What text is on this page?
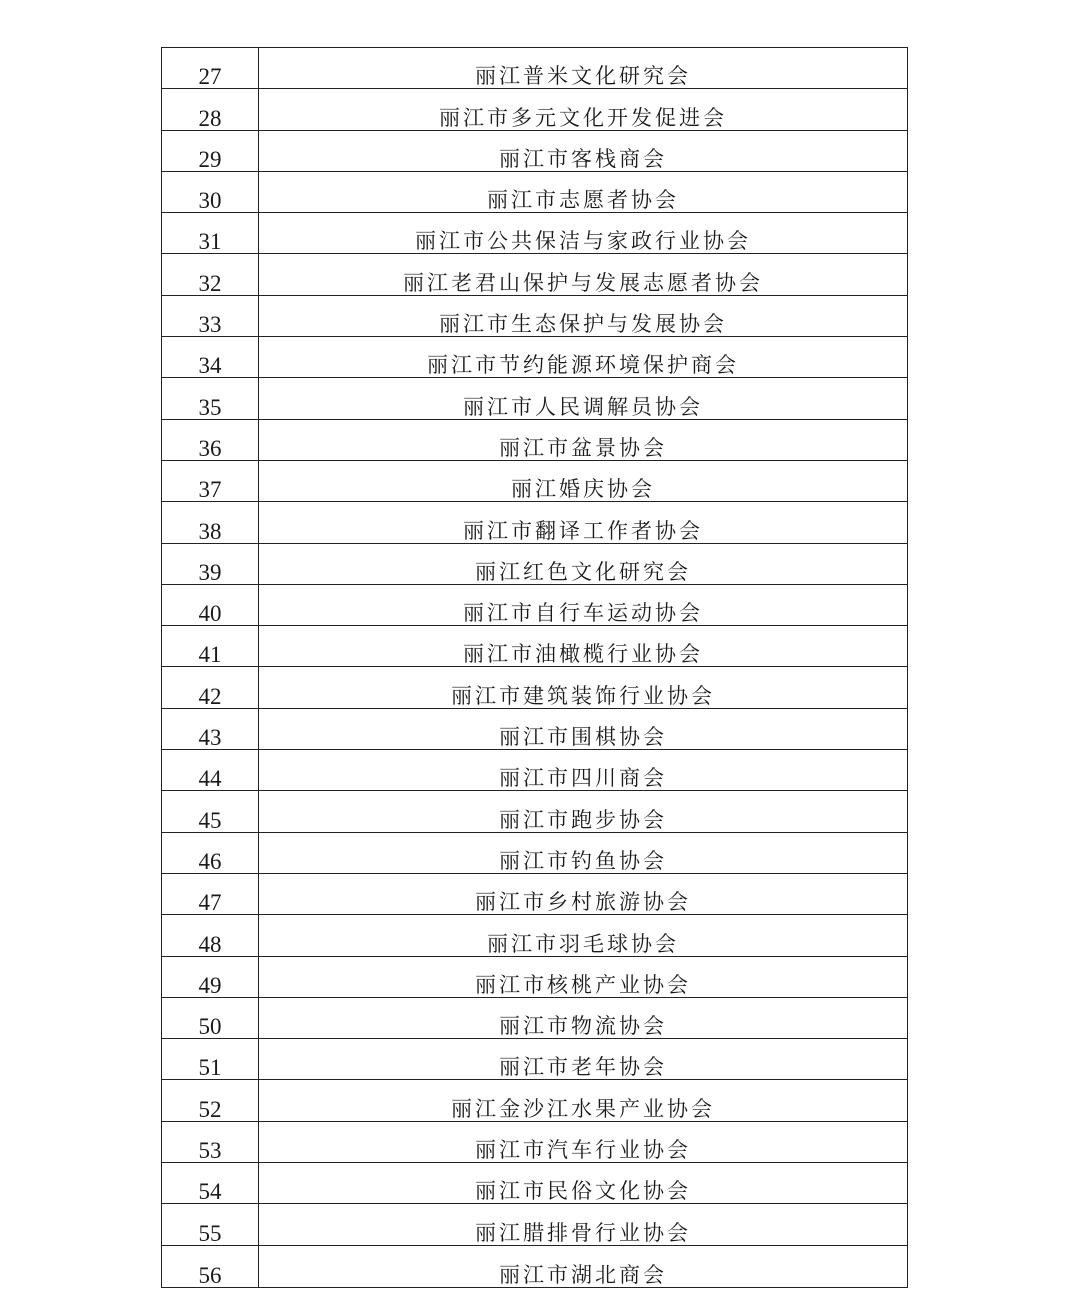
27	丽江普米文化研究会
28	丽江市多元文化开发促进会
29	丽江市客栈商会
30	丽江市志愿者协会
31	丽江市公共保洁与家政行业协会
32	丽江老君山保护与发展志愿者协会
33	丽江市生态保护与发展协会
34	丽江市节约能源环境保护商会
35	丽江市人民调解员协会
36	丽江市盆景协会
37	丽江婚庆协会
38	丽江市翻译工作者协会
39	丽江红色文化研究会
40	丽江市自行车运动协会
41	丽江市油橄榄行业协会
42	丽江市建筑装饰行业协会
43	丽江市围棋协会
44	丽江市四川商会
45	丽江市跑步协会
46	丽江市钓鱼协会
47	丽江市乡村旅游协会
48	丽江市羽毛球协会
49	丽江市核桃产业协会
50	丽江市物流协会
51	丽江市老年协会
52	丽江金沙江水果产业协会
53	丽江市汽车行业协会
54	丽江市民俗文化协会
55	丽江腊排骨行业协会
56	丽江市湖北商会
